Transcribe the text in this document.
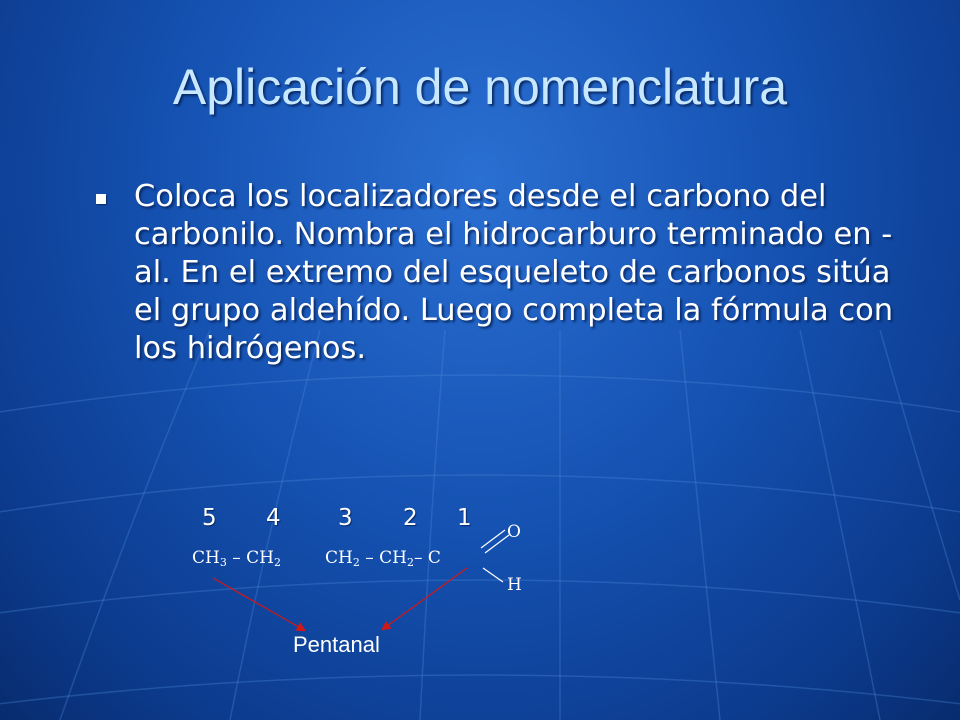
Aplicación de nomenclatura

Coloca los localizadores desde el carbono del carbonilo. Nombra el hidrocarburo terminado en -al. En el extremo del esqueleto de carbonos sitúa el grupo aldehído. Luego completa la fórmula con los hidrógenos.

5 4 3 2 1
$CH_3 - CH_2$	$CH_2 - CH_2-$ C
O
H
Pentanal
